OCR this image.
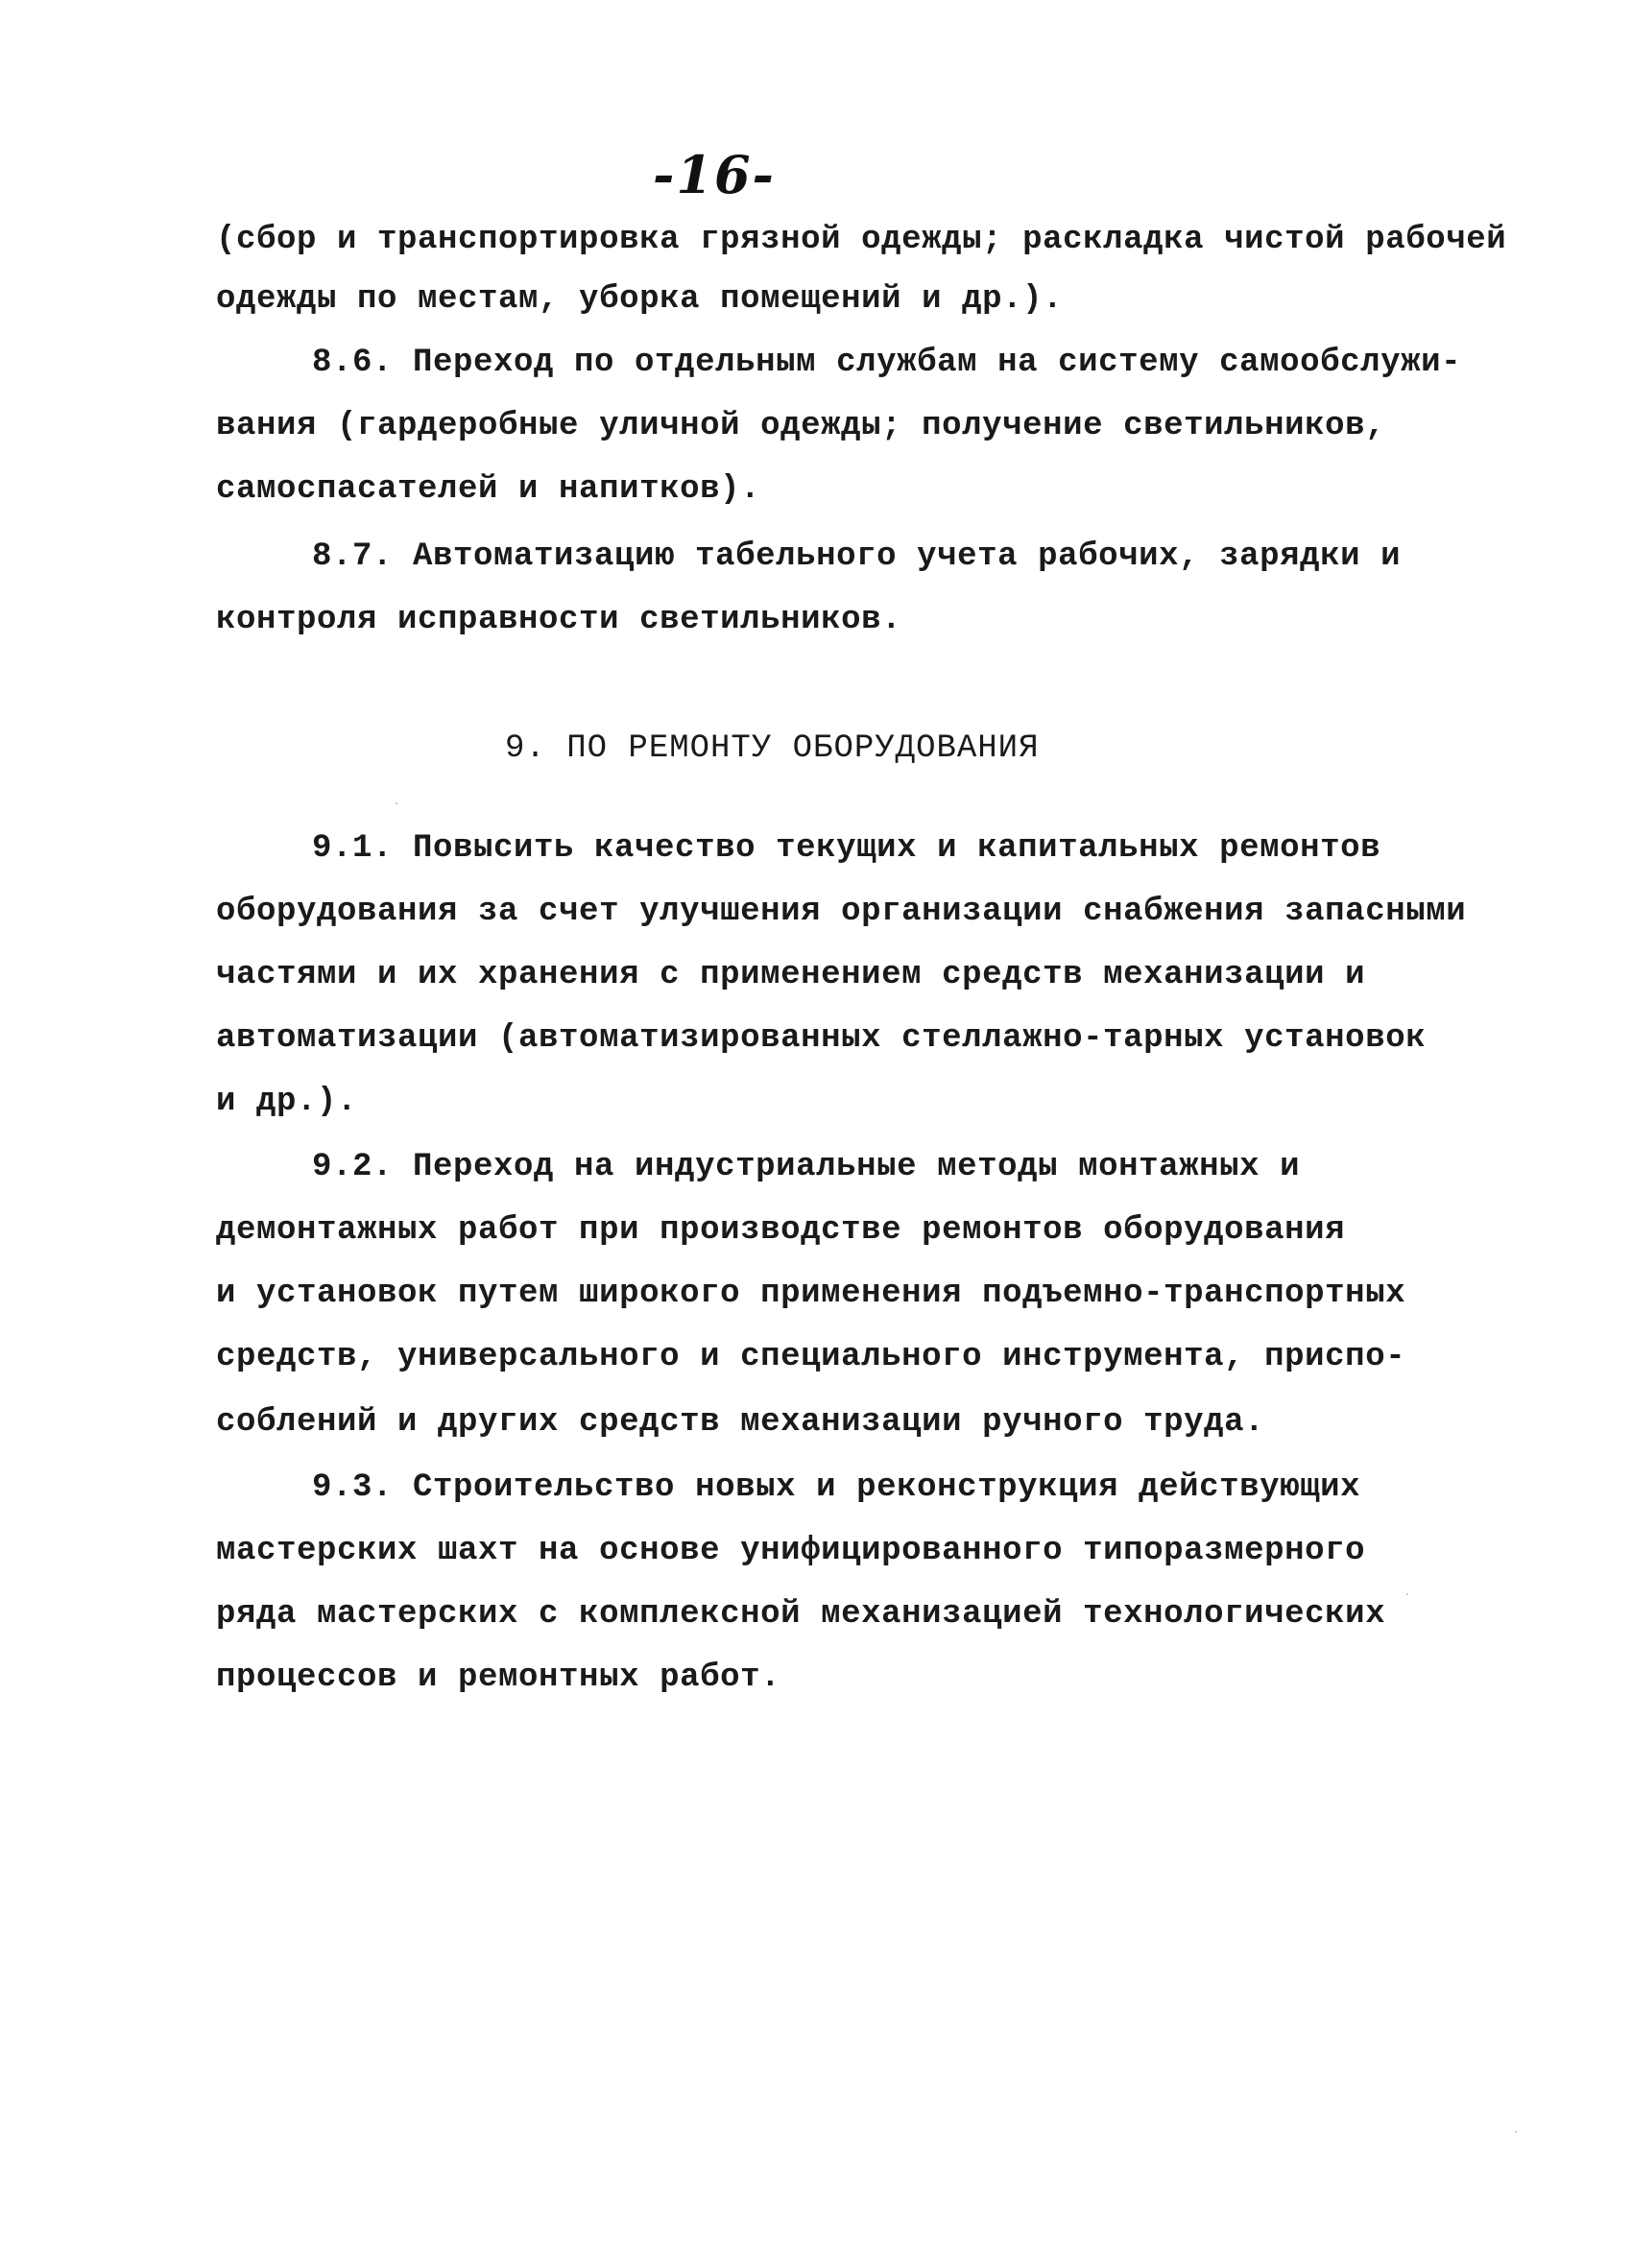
-16-
(сбор и транспортировка грязной одежды; раскладка чистой рабочей
одежды по местам, уборка помещений и др.).
8.6. Переход по отдельным службам на систему самообслужи-
вания (гардеробные уличной одежды; получение светильников,
самоспасателей и напитков).
8.7. Автоматизацию табельного учета рабочих, зарядки и
контроля исправности светильников.
9. ПО РЕМОНТУ ОБОРУДОВАНИЯ
9.1. Повысить качество текущих и капитальных ремонтов
оборудования за счет улучшения организации снабжения запасными
частями и их хранения с применением средств механизации и
автоматизации (автоматизированных стеллажно-тарных установок
и др.).
9.2. Переход на индустриальные методы монтажных и
демонтажных работ при производстве ремонтов оборудования
и установок путем широкого применения подъемно-транспортных
средств, универсального и специального инструмента, приспо-
соблений и других средств механизации ручного труда.
9.3. Строительство новых и реконструкция действующих
мастерских шахт на основе унифицированного типоразмерного
ряда мастерских с комплексной механизацией технологических
процессов и ремонтных работ.
